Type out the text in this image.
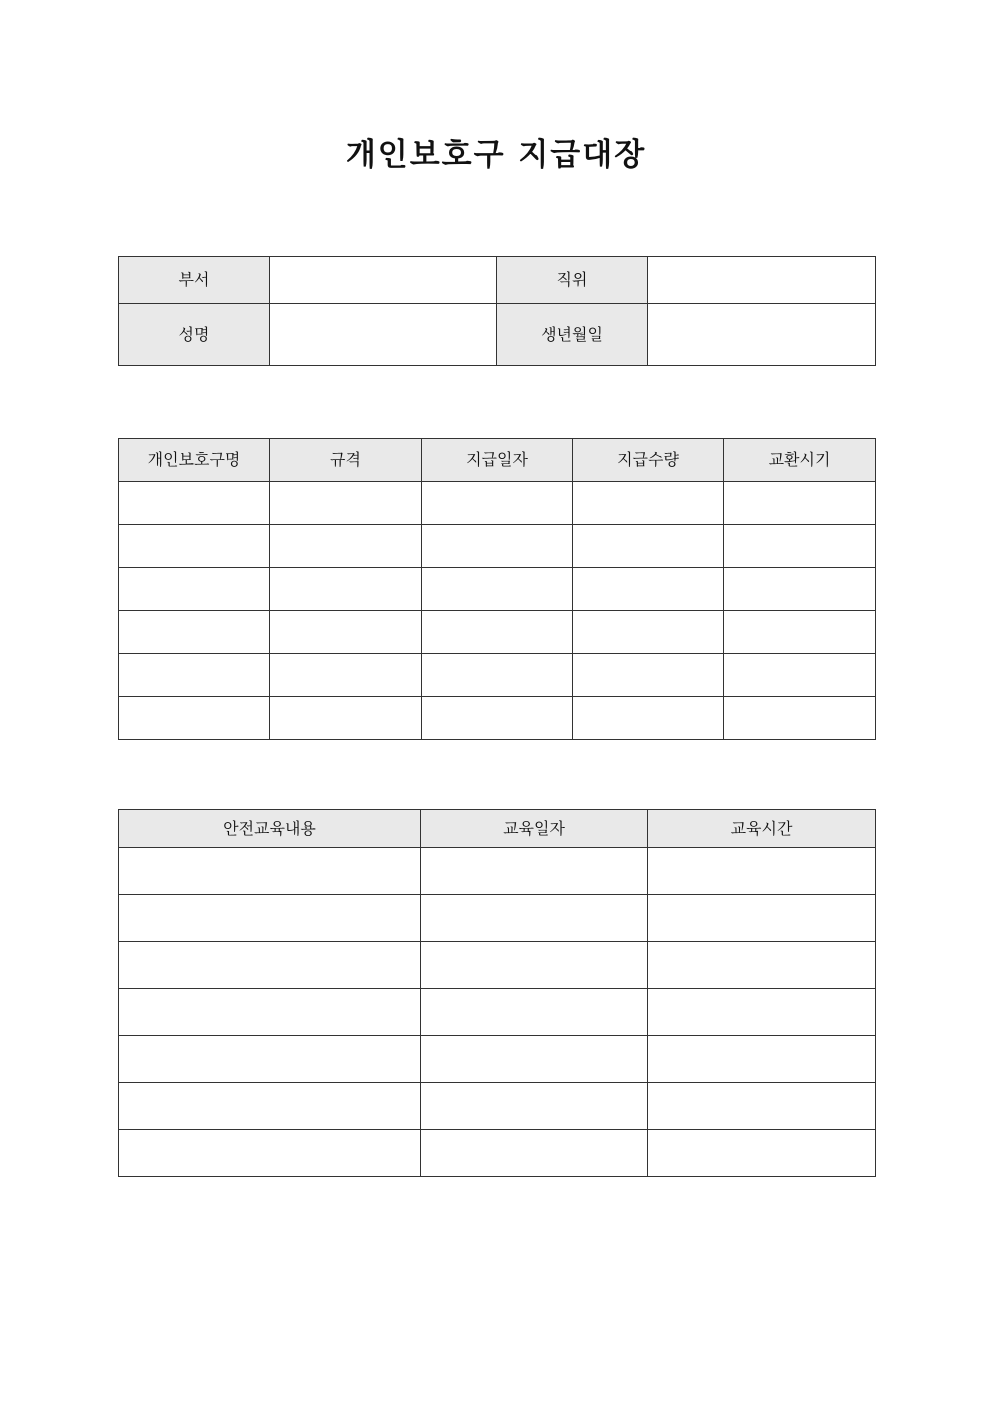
개인보호구 지급대장
부서		직위	
성명		생년월일	
개인보호구명	규격	지급일자	지급수량	교환시기

안전교육내용	교육일자	교육시간
